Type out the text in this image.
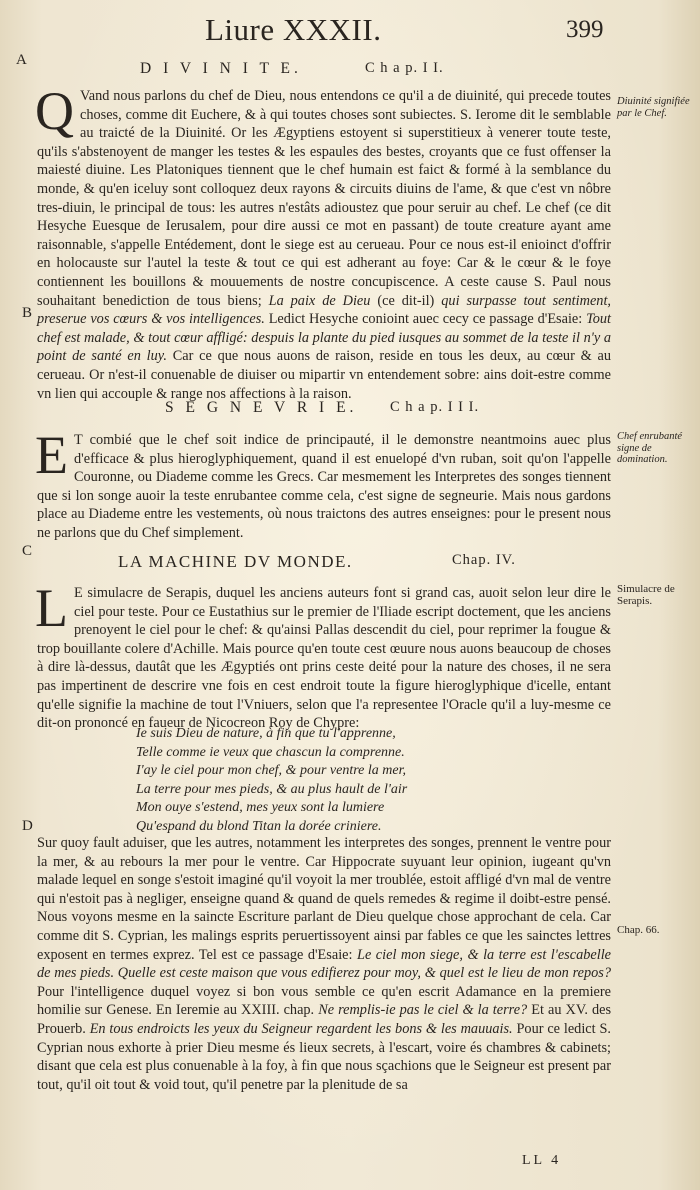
Liure XXXII.	399
A
B
C
D
D I V I N I T E.	C h a p. I I.
Q Vand nous parlons du chef de Dieu, nous entendons ce qu'il a de diuinité, qui precede toutes choses, comme dit Euchere, & à qui toutes choses sont subiectes. S. Ierome dit le semblable au traicté de la Diuinité. Or les Ægyptiens estoyent si superstitieux à venerer toute teste, qu'ils s'abstenoyent de manger les testes & les espaules des bestes, croyants que ce fust offenser la maiesté diuine. Les Platoniques tiennent que le chef humain est faict & formé à la semblance du monde, & qu'en iceluy sont colloquez deux rayons & circuits diuins de l'ame, & que c'est vn nôbre tres-diuin, le principal de tous: les autres n'estâts adioustez que pour seruir au chef. Le chef (ce dit Hesyche Euesque de Ierusalem, pour dire aussi ce mot en passant) de toute creature ayant ame raisonnable, s'appelle Entédement, dont le siege est au cerueau. Pour ce nous est-il enioinct d'offrir en holocauste sur l'autel la teste & tout ce qui est adherant au foye: Car & le cœur & le foye contiennent les bouillons & mouuements de nostre concupiscence. A ceste cause S. Paul nous souhaitant benediction de tous biens; La paix de Dieu (ce dit-il) qui surpasse tout sentiment, preserue vos cœurs & vos intelligences. Ledict Hesyche conioint auec cecy ce passage d'Esaie: Tout chef est malade, & tout cœur affligé: despuis la plante du pied iusques au sommet de la teste il n'y a point de santé en luy. Car ce que nous auons de raison, reside en tous les deux, au cœur & au cerueau. Or n'est-il conuenable de diuiser ou mipartir vn entendement sobre: ains doit-estre comme vn lien qui accouple & range nos affections à la raison.
Diuinité signifiée par le Chef.
S E G N E V R I E. C h a p. I I I.
E T combié que le chef soit indice de principauté, il le demonstre neantmoins auec plus d'efficace & plus hieroglyphiquement, quand il est enuelopé d'vn ruban, soit qu'on l'appelle Couronne, ou Diademe comme les Grecs. Car mesmement les Interpretes des songes tiennent que si lon songe auoir la teste enrubantee comme cela, c'est signe de segneurie. Mais nous gardons place au Diademe entre les vestements, où nous traictons des autres enseignes: pour le present nous ne parlons que du Chef simplement.
Chef enrubanté signe de domination.
LA MACHINE DV MONDE.	Chap. IV.
L E simulacre de Serapis, duquel les anciens auteurs font si grand cas, auoit selon leur dire le ciel pour teste. Pour ce Eustathius sur le premier de l'Iliade escript doctement, que les anciens prenoyent le ciel pour le chef: & qu'ainsi Pallas descendit du ciel, pour reprimer la fougue & trop bouillante colere d'Achille. Mais pource qu'en toute cest œuure nous auons beaucoup de choses à dire là-dessus, dautât que les Ægyptiés ont prins ceste deité pour la nature des choses, il ne sera pas impertinent de descrire vne fois en cest endroit toute la figure hieroglyphique d'icelle, entant qu'elle signifie la machine de tout l'Vniuers, selon que l'a representee l'Oracle qu'il a luy-mesme ce dit-on prononcé en faueur de Nicocreon Roy de Chypre:
Simulacre de Serapis.
Ie suis Dieu de nature, à fin que tu l'apprenne,
Telle comme ie veux que chascun la comprenne.
I'ay le ciel pour mon chef, & pour ventre la mer,
La terre pour mes pieds, & au plus hault de l'air
Mon ouye s'estend, mes yeux sont la lumiere
Qu'espand du blond Titan la dorée criniere.
Sur quoy fault aduiser, que les autres, notamment les interpretes des songes, prennent le ventre pour la mer, & au rebours la mer pour le ventre. Car Hippocrate suyuant leur opinion, iugeant qu'vn malade lequel en songe s'estoit imaginé qu'il voyoit la mer troublée, estoit affligé d'vn mal de ventre qui n'estoit pas à negliger, enseigne quand & quand de quels remedes & regime il doibt-estre pensé. Nous voyons mesme en la saincte Escriture parlant de Dieu quelque chose approchant de cela. Car comme dit S. Cyprian, les malings esprits peruertissoyent ainsi par fables ce que les sainctes lettres exposent en termes exprez. Tel est ce passage d'Esaie: Le ciel mon siege, & la terre est l'escabelle de mes pieds. Quelle est ceste maison que vous edifierez pour moy, & quel est le lieu de mon repos? Pour l'intelligence duquel voyez si bon vous semble ce qu'en escrit Adamance en la premiere homilie sur Genese. En Ieremie au XXIII. chap. Ne remplis-ie pas le ciel & la terre? Et au XV. des Prouerb. En tous endroicts les yeux du Seigneur regardent les bons & les mauuais. Pour ce ledict S. Cyprian nous exhorte à prier Dieu mesme és lieux secrets, à l'escart, voire és chambres & cabinets; disant que cela est plus conuenable à la foy, à fin que nous sçachions que le Seigneur est present par tout, qu'il oit tout & void tout, qu'il penetre par la plenitude de sa
Chap. 66.
LL 4
